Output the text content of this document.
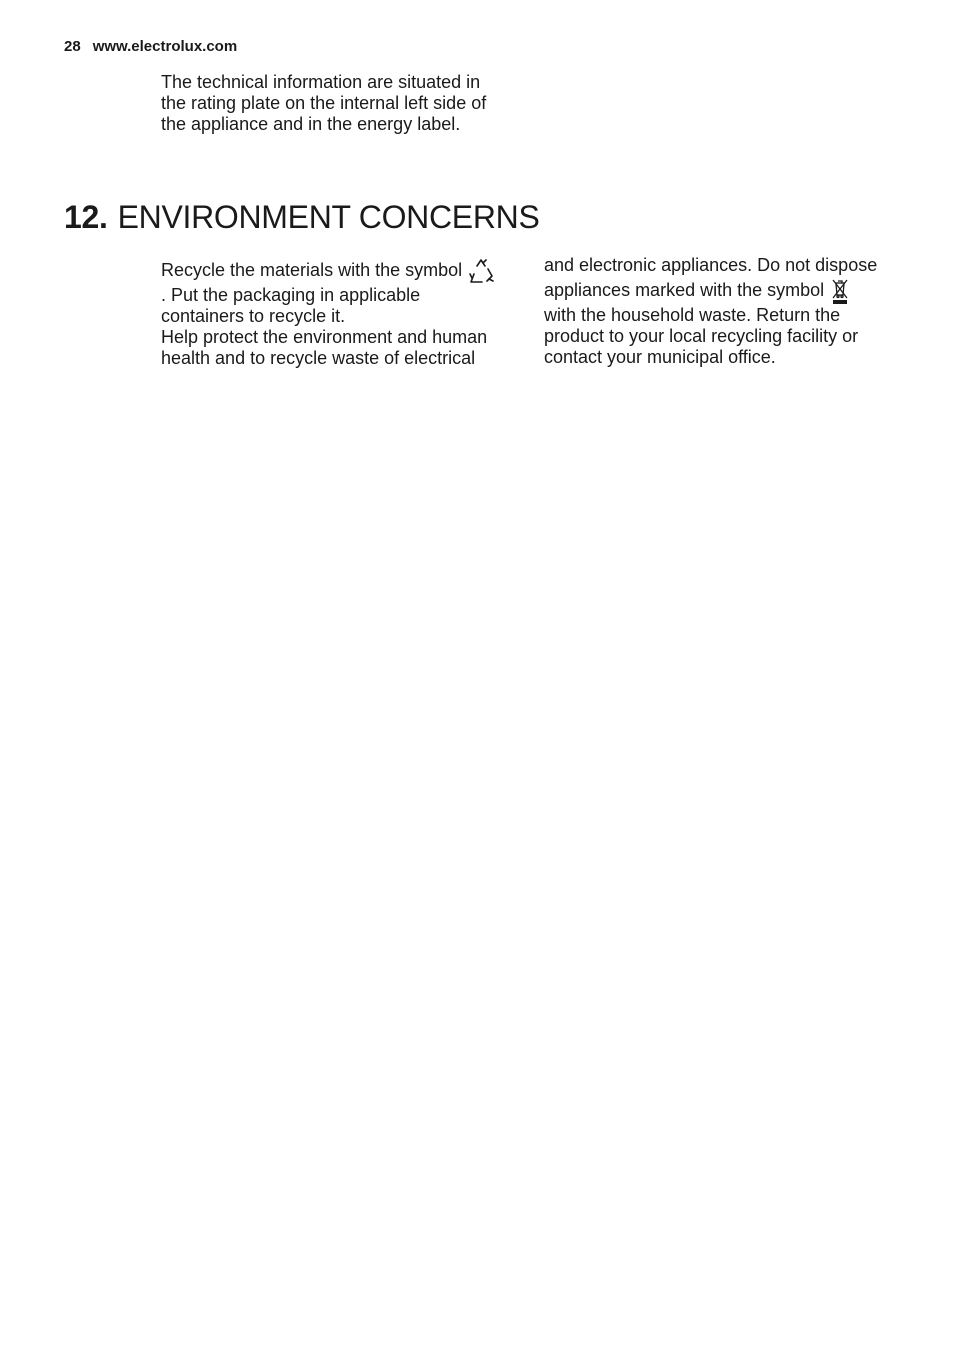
28 www.electrolux.com
The technical information are situated in
the rating plate on the internal left side of
the appliance and in the energy label.
12. ENVIRONMENT CONCERNS
Recycle the materials with the symbol
. Put the packaging in applicable
containers to recycle it.
Help protect the environment and human
health and to recycle waste of electrical
and electronic appliances. Do not dispose
appliances marked with the symbol
with the household waste. Return the
product to your local recycling facility or
contact your municipal office.
